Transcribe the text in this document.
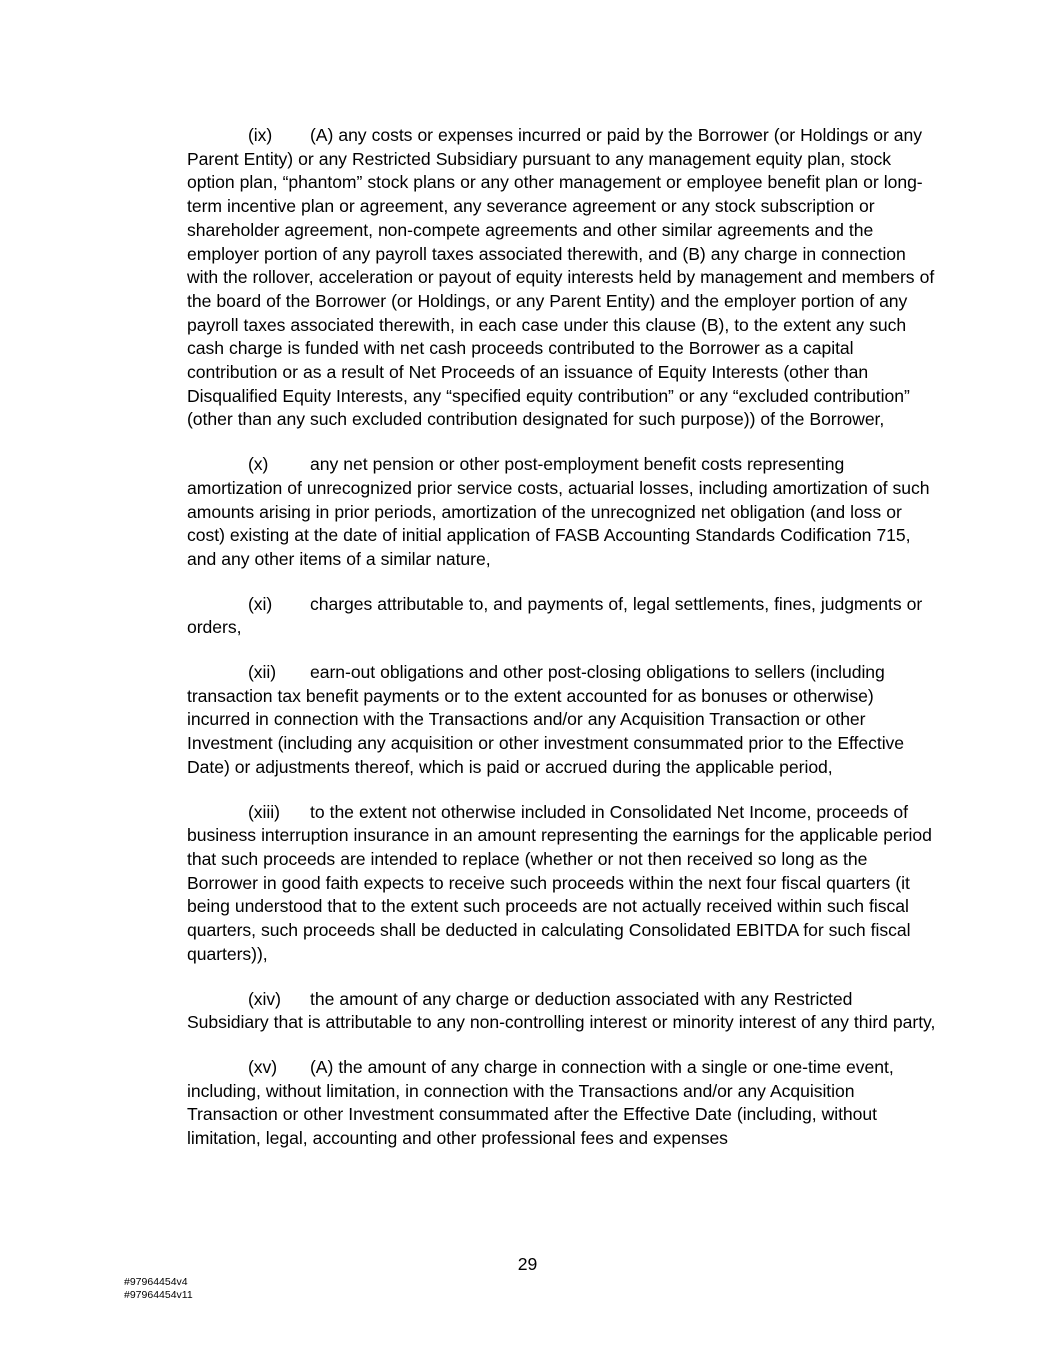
(ix) (A) any costs or expenses incurred or paid by the Borrower (or Holdings or any Parent Entity) or any Restricted Subsidiary pursuant to any management equity plan, stock option plan, “phantom” stock plans or any other management or employee benefit plan or long-term incentive plan or agreement, any severance agreement or any stock subscription or shareholder agreement, non-compete agreements and other similar agreements and the employer portion of any payroll taxes associated therewith, and (B) any charge in connection with the rollover, acceleration or payout of equity interests held by management and members of the board of the Borrower (or Holdings, or any Parent Entity) and the employer portion of any payroll taxes associated therewith, in each case under this clause (B), to the extent any such cash charge is funded with net cash proceeds contributed to the Borrower as a capital contribution or as a result of Net Proceeds of an issuance of Equity Interests (other than Disqualified Equity Interests, any “specified equity contribution” or any “excluded contribution” (other than any such excluded contribution designated for such purpose)) of the Borrower,

(x) any net pension or other post-employment benefit costs representing amortization of unrecognized prior service costs, actuarial losses, including amortization of such amounts arising in prior periods, amortization of the unrecognized net obligation (and loss or cost) existing at the date of initial application of FASB Accounting Standards Codification 715, and any other items of a similar nature,

(xi) charges attributable to, and payments of, legal settlements, fines, judgments or orders,

(xii) earn-out obligations and other post-closing obligations to sellers (including transaction tax benefit payments or to the extent accounted for as bonuses or otherwise) incurred in connection with the Transactions and/or any Acquisition Transaction or other Investment (including any acquisition or other investment consummated prior to the Effective Date) or adjustments thereof, which is paid or accrued during the applicable period,

(xiii) to the extent not otherwise included in Consolidated Net Income, proceeds of business interruption insurance in an amount representing the earnings for the applicable period that such proceeds are intended to replace (whether or not then received so long as the Borrower in good faith expects to receive such proceeds within the next four fiscal quarters (it being understood that to the extent such proceeds are not actually received within such fiscal quarters, such proceeds shall be deducted in calculating Consolidated EBITDA for such fiscal quarters)),

(xiv) the amount of any charge or deduction associated with any Restricted Subsidiary that is attributable to any non-controlling interest or minority interest of any third party,

(xv) (A) the amount of any charge in connection with a single or one-time event, including, without limitation, in connection with the Transactions and/or any Acquisition Transaction or other Investment consummated after the Effective Date (including, without limitation, legal, accounting and other professional fees and expenses

29
#97964454v4
#97964454v11
